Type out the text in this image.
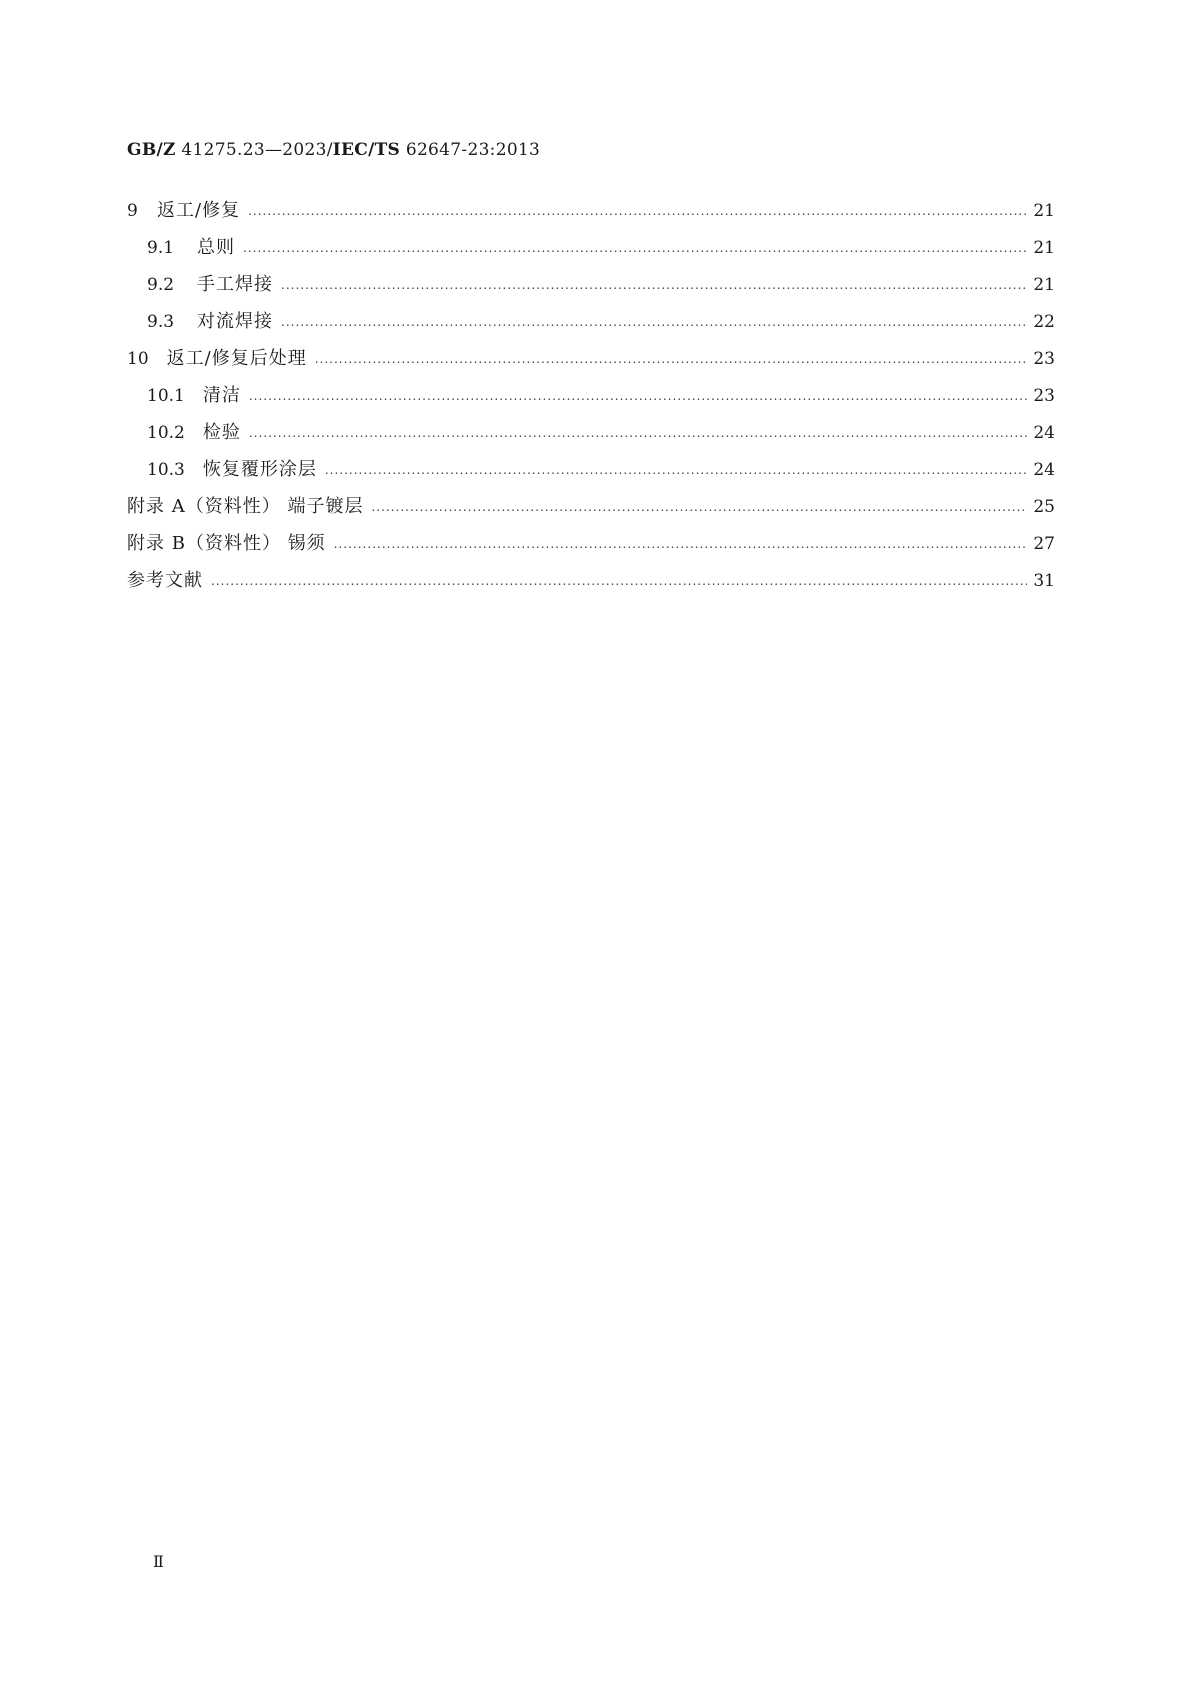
GB/Z 41275.23—2023/IEC/TS 62647-23:2013
9 返工/修复 .....	21
9.1 总则 .....	21
9.2 手工焊接 .....	21
9.3 对流焊接 .....	22
10 返工/修复后处理 .....	23
10.1 清洁 .....	23
10.2 检验 .....	24
10.3 恢复覆形涂层 .....	24
附录 A（资料性） 端子镀层 .....	25
附录 B（资料性） 锡须 .....	27
参考文献 .....	31
Ⅱ
